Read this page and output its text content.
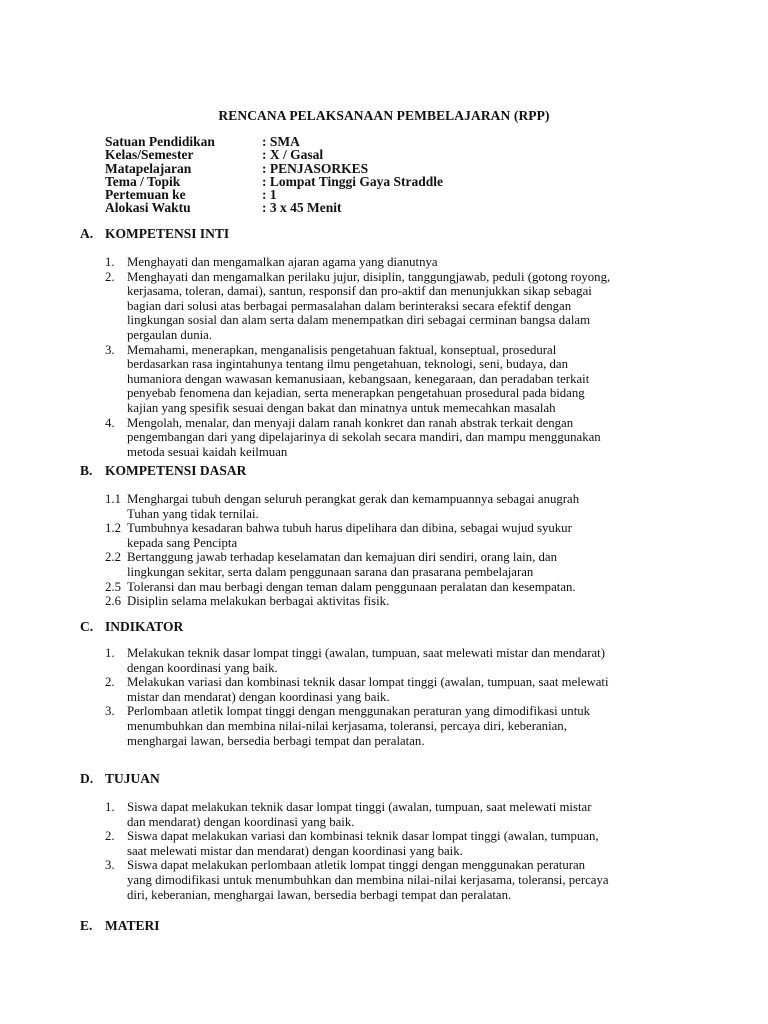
RENCANA PELAKSANAAN PEMBELAJARAN (RPP)
Satuan Pendidikan	: SMA
Kelas/Semester	: X / Gasal
Matapelajaran	: PENJASORKES
Tema / Topik	: Lompat Tinggi Gaya Straddle
Pertemuan ke	: 1
Alokasi Waktu	: 3 x 45 Menit
A. KOMPETENSI INTI
1. Menghayati dan mengamalkan ajaran agama yang dianutnya
2. Menghayati dan mengamalkan perilaku jujur, disiplin, tanggungjawab, peduli (gotong royong,
kerjasama, toleran, damai), santun, responsif dan pro-aktif dan menunjukkan sikap sebagai
bagian dari solusi atas berbagai permasalahan dalam berinteraksi secara efektif dengan
lingkungan sosial dan alam serta dalam menempatkan diri sebagai cerminan bangsa dalam
pergaulan dunia.
3. Memahami, menerapkan, menganalisis pengetahuan faktual, konseptual, prosedural
berdasarkan rasa ingintahunya tentang ilmu pengetahuan, teknologi, seni, budaya, dan
humaniora dengan wawasan kemanusiaan, kebangsaan, kenegaraan, dan peradaban terkait
penyebab fenomena dan kejadian, serta menerapkan pengetahuan prosedural pada bidang
kajian yang spesifik sesuai dengan bakat dan minatnya untuk memecahkan masalah
4. Mengolah, menalar, dan menyaji dalam ranah konkret dan ranah abstrak terkait dengan
pengembangan dari yang dipelajarinya di sekolah secara mandiri, dan mampu menggunakan
metoda sesuai kaidah keilmuan
B. KOMPETENSI DASAR
1.1 Menghargai tubuh dengan seluruh perangkat gerak dan kemampuannya sebagai anugrah
Tuhan yang tidak ternilai.
1.2 Tumbuhnya kesadaran bahwa tubuh harus dipelihara dan dibina, sebagai wujud syukur
kepada sang Pencipta
2.2 Bertanggung jawab terhadap keselamatan dan kemajuan diri sendiri, orang lain, dan
lingkungan sekitar, serta dalam penggunaan sarana dan prasarana pembelajaran
2.5 Toleransi dan mau berbagi dengan teman dalam penggunaan peralatan dan kesempatan.
2.6 Disiplin selama melakukan berbagai aktivitas fisik.
C. INDIKATOR
1. Melakukan teknik dasar lompat tinggi (awalan, tumpuan, saat melewati mistar dan mendarat)
dengan koordinasi yang baik.
2. Melakukan variasi dan kombinasi teknik dasar lompat tinggi (awalan, tumpuan, saat melewati
mistar dan mendarat) dengan koordinasi yang baik.
3. Perlombaan atletik lompat tinggi dengan menggunakan peraturan yang dimodifikasi untuk
menumbuhkan dan membina nilai-nilai kerjasama, toleransi, percaya diri, keberanian,
menghargai lawan, bersedia berbagi tempat dan peralatan.
D. TUJUAN
1. Siswa dapat melakukan teknik dasar lompat tinggi (awalan, tumpuan, saat melewati mistar
dan mendarat) dengan koordinasi yang baik.
2. Siswa dapat melakukan variasi dan kombinasi teknik dasar lompat tinggi (awalan, tumpuan,
saat melewati mistar dan mendarat) dengan koordinasi yang baik.
3. Siswa dapat melakukan perlombaan atletik lompat tinggi dengan menggunakan peraturan
yang dimodifikasi untuk menumbuhkan dan membina nilai-nilai kerjasama, toleransi, percaya
diri, keberanian, menghargai lawan, bersedia berbagi tempat dan peralatan.
E. MATERI
